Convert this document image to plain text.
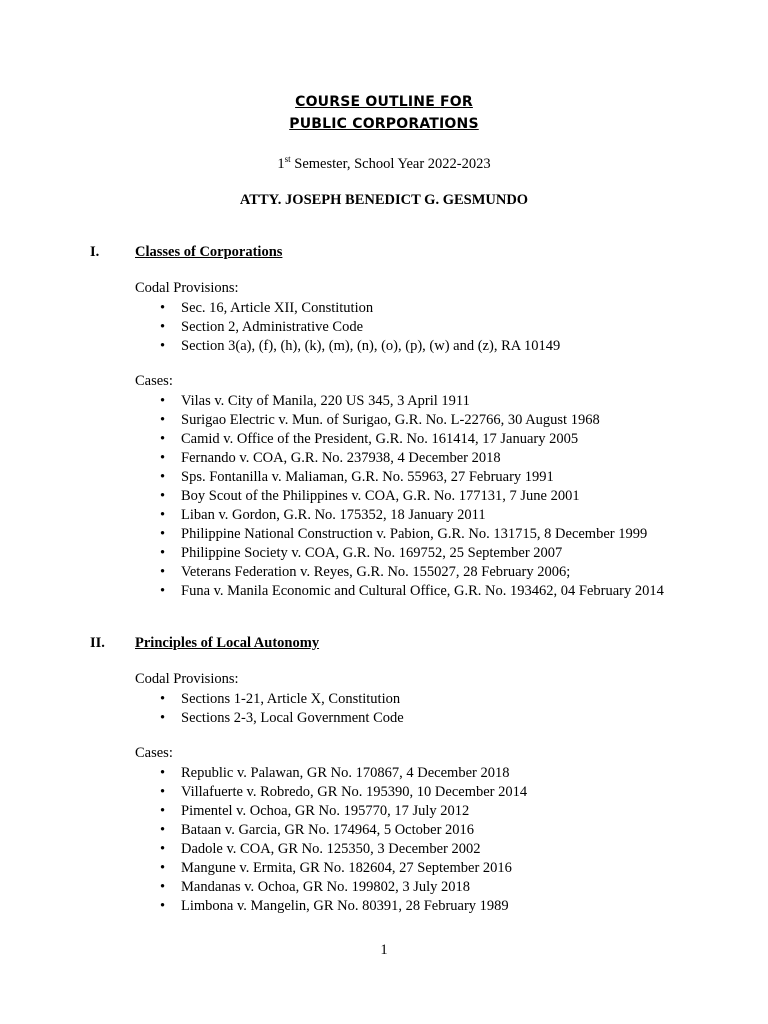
COURSE OUTLINE FOR
PUBLIC CORPORATIONS
1st Semester, School Year 2022-2023
ATTY. JOSEPH BENEDICT G. GESMUNDO
I. Classes of Corporations
Codal Provisions:
• Sec. 16, Article XII, Constitution
• Section 2, Administrative Code
• Section 3(a), (f), (h), (k), (m), (n), (o), (p), (w) and (z), RA 10149
Cases:
• Vilas v. City of Manila, 220 US 345, 3 April 1911
• Surigao Electric v. Mun. of Surigao, G.R. No. L-22766, 30 August 1968
• Camid v. Office of the President, G.R. No. 161414, 17 January 2005
• Fernando v. COA, G.R. No. 237938, 4 December 2018
• Sps. Fontanilla v. Maliaman, G.R. No. 55963, 27 February 1991
• Boy Scout of the Philippines v. COA, G.R. No. 177131, 7 June 2001
• Liban v. Gordon, G.R. No. 175352, 18 January 2011
• Philippine National Construction v. Pabion, G.R. No. 131715, 8 December 1999
• Philippine Society v. COA, G.R. No. 169752, 25 September 2007
• Veterans Federation v. Reyes, G.R. No. 155027, 28 February 2006;
• Funa v. Manila Economic and Cultural Office, G.R. No. 193462, 04 February 2014
II. Principles of Local Autonomy
Codal Provisions:
• Sections 1-21, Article X, Constitution
• Sections 2-3, Local Government Code
Cases:
• Republic v. Palawan, GR No. 170867, 4 December 2018
• Villafuerte v. Robredo, GR No. 195390, 10 December 2014
• Pimentel v. Ochoa, GR No. 195770, 17 July 2012
• Bataan v. Garcia, GR No. 174964, 5 October 2016
• Dadole v. COA, GR No. 125350, 3 December 2002
• Mangune v. Ermita, GR No. 182604, 27 September 2016
• Mandanas v. Ochoa, GR No. 199802, 3 July 2018
• Limbona v. Mangelin, GR No. 80391, 28 February 1989
1
